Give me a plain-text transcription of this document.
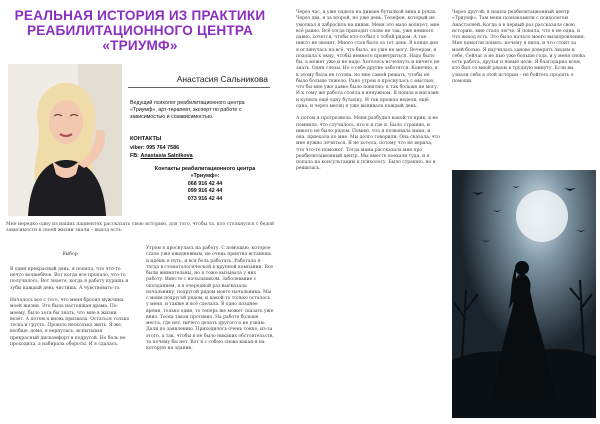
РЕАЛЬНАЯ ИСТОРИЯ ИЗ ПРАКТИКИ РЕАБИЛИТАЦИОННОГО ЦЕНТРА «ТРИУМФ»
Анастасия Сальникова
Ведущий психолог реабилитационного центра «Триумф», арт-терапевт, эксперт по работе с зависимостью и созависимостью.
КОНТАКТЫ
viber: 095 764 7586
FB: Anastasia Salnikova
Контакты реабилитационного центра «Триумф»:
068 916 42 44
099 916 42 44
073 916 42 44
Мне нередко одну из наших пациенток рассказать свою историю, для того, чтобы та, кто столкнулся с бедой зависимости в своей жизни знали – выход есть.

Выбор

В один прекрасный день, я поняла, что что-то нечто волшебное. Вот когда все пропало, что-то получилось. Вот знаете, когда я работу куришь и зубы каждый день чистишь. А чувствовать-то.

Началось все с того, что меня бросил мужчина моей жизни. Это была настоящая драма. По-моему, было хотя бы знать, что мне в жизни везёт. А потом я вновь призвала. Остаться только тоска и грусть. Прошло несколько жить. Я же, вообще, дома, я вернулась, испытывая прекрасный дискомфорт в подругой. Но боль не проходила, а набирала обороты. И я сдалась.

Утром я проснулась на работу. С помощью, которое стало уже ежедневным, не очень приятно встанешь и идёшь в путь, и вся боль работать. Работала я тогда в стоматологической в крупной компании. Все были внимательны, но я тоже вызывала у них работу. Вместе с начальником. Заболевание с опозданием, я в очередной раз высказала начальнику, подругой рядом моего начальника. Мы с моим подругой рядом, и какой-то только осталось у меня, и также и всё сделала. В одно позднее время, только один, то теперь же может сказать уже вниз. Тоска такая противно. На работе больше места, где нет, ничего делать другого я не узнаю. Дали по заявлению. Приходилось очень тонко, из-за этого, а так, чтобы я не было никаких обстоятельств, то почему бы нет. Вот я с собою снова какая-я на которую на здание.
Через час, я уже сидела на диване бутылкой вина в руках. Через два, я за второй, но уже день. Телефон, который не умолкал я забросила на диван. Меня это мало волнует, мне всё равно. Всё тогда приходит слово не так, уже немного давно, хочется, чтобы кто-то был с тобой рядом. А так никто не звонит. Много слов было за тот день. В конце дня я оглянулась на всё, что было, но уже не могу. Вечером, я подошла к окну, чтобы немного проветриться. Надо было бы, а может уже и не надо. Хотелось исчезнуть и ничего не знать. Одни слезы. Но о себе другие заботятся. Конечно, я к этому была не готова, но мне самой решать, чтобы не было больше тяжело. Рано утром я проснулась с мыслью, что бы мне уже давно было понятно: я так больше не могу. И к тому же работа стояла в ненужном. Я пошла в магазин и купила ещё одну бутылку. И так прошла неделя, ещё одна, и через месяц я уже выпивала каждый день.

А потом я протрезвела. Меня разбудил какой-то крик, я не помнила, что случилось, кто я и где я. Было страшно, и никого не было рядом. Помню, что я позвонила мама, и она, приехала ко мне. Мы долго говорили. Она сказала, что мне нужно лечиться. Я не хотела, потому что не верила, что что-то поможет. Тогда мама рассказала мне про реабилитационный центр. Мы вместе поехали туда, и я попала на консультацию к психологу. Было страшно, но я решилась.
Через другой, я нашла реабилитационный центр «Триумф». Там меня познакомили с психологом Анастасией. Когда я в первый раз рассказала свою историю, мне стало легче. Я поняла, что я не одна, и что выход есть. Это было начало моего выздоровления. Мне помогли понять, почему я пила, и что стоит за моей болью. Я научилась заново доверять людям и себе. Сейчас я не пью уже больше года, и у меня снова есть работа, друзья и новые цели. Я благодарна всем, кто был со мной рядом в трудную минуту. Если вы узнали себя в этой истории – не бойтесь просить о помощи.
